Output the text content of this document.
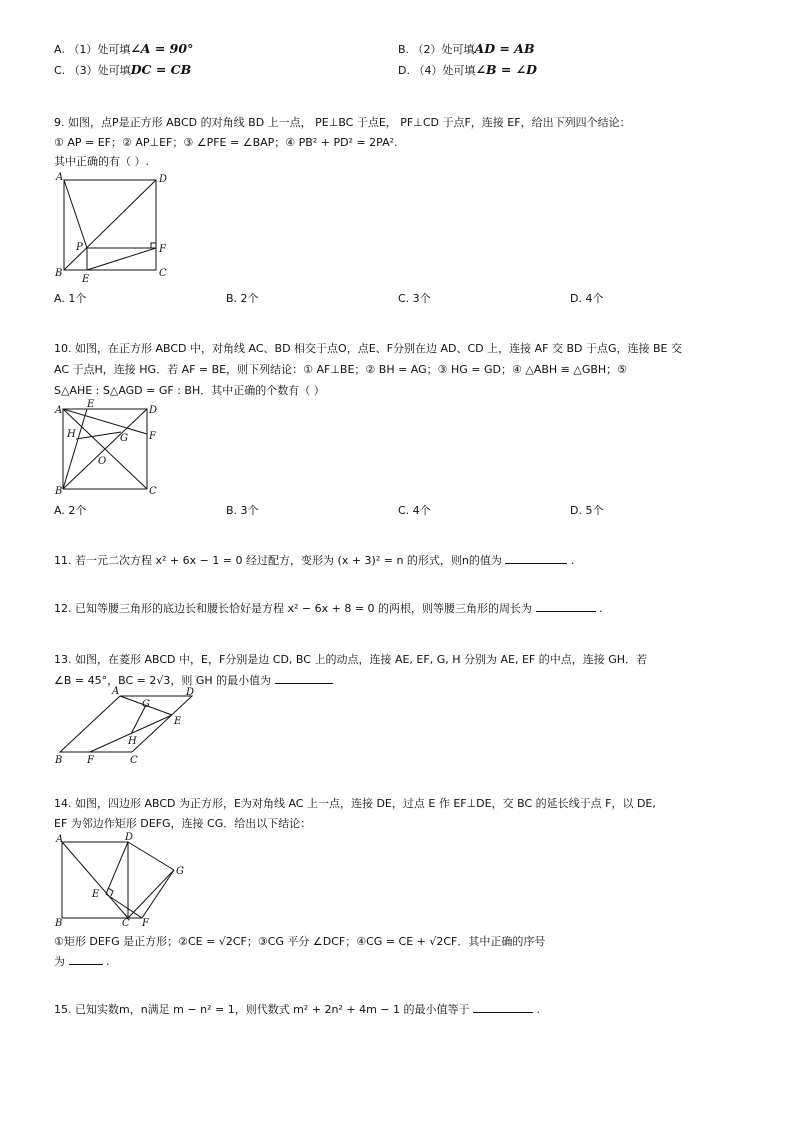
A. （1）处可填∠A = 90°	B. （2）处可填AD = AB
C. （3）处可填DC = CB	D. （4）处可填∠B = ∠D
9. 如图，点P是正方形 ABCD 的对角线 BD 上一点， PE⊥BC 于点E， PF⊥CD 于点F，连接 EF，给出下列四个结论：
① AP = EF；② AP⊥EF；③ ∠PFE = ∠BAP；④ PB² + PD² = 2PA².
其中正确的有（ ）.
A	D
B	C
P	F
E
A. 1个	B. 2个	C. 3个	D. 4个
10. 如图，在正方形 ABCD 中，对角线 AC、BD 相交于点O，点E、F分别在边 AD、CD 上，连接 AF 交 BD 于点G，连接 BE 交
AC 于点H，连接 HG．若 AF = BE，则下列结论：① AF⊥BE；② BH = AG；③ HG = GD；④ △ABH ≌ △GBH；⑤
S△AHE : S△AGD = GF : BH．其中正确的个数有（ ）
A
E
D
H	G F
O
B	C
A. 2个	B. 3个	C. 4个	D. 5个
11. 若一元二次方程 x² + 6x − 1 = 0 经过配方，变形为 (x + 3)² = n 的形式，则n的值为	.
12. 已知等腰三角形的底边长和腰长恰好是方程 x² − 6x + 8 = 0 的两根，则等腰三角形的周长为	.
13. 如图，在菱形 ABCD 中，E，F分别是边 CD, BC 上的动点，连接 AE, EF, G, H 分别为 AE, EF 的中点，连接 GH．若
∠B = 45°，BC = 2√3，则 GH 的最小值为
A	D
G
E
H
B F	C
14. 如图，四边形 ABCD 为正方形，E为对角线 AC 上一点，连接 DE，过点 E 作 EF⊥DE，交 BC 的延长线于点 F，以 DE,
EF 为邻边作矩形 DEFG，连接 CG．给出以下结论：
A	D
G
E
B	C F
①矩形 DEFG 是正方形；②CE = √2CF；③CG 平分 ∠DCF；④CG = CE + √2CF．其中正确的序号
为	.
15. 已知实数m，n满足 m − n² = 1，则代数式 m² + 2n² + 4m − 1 的最小值等于	.
